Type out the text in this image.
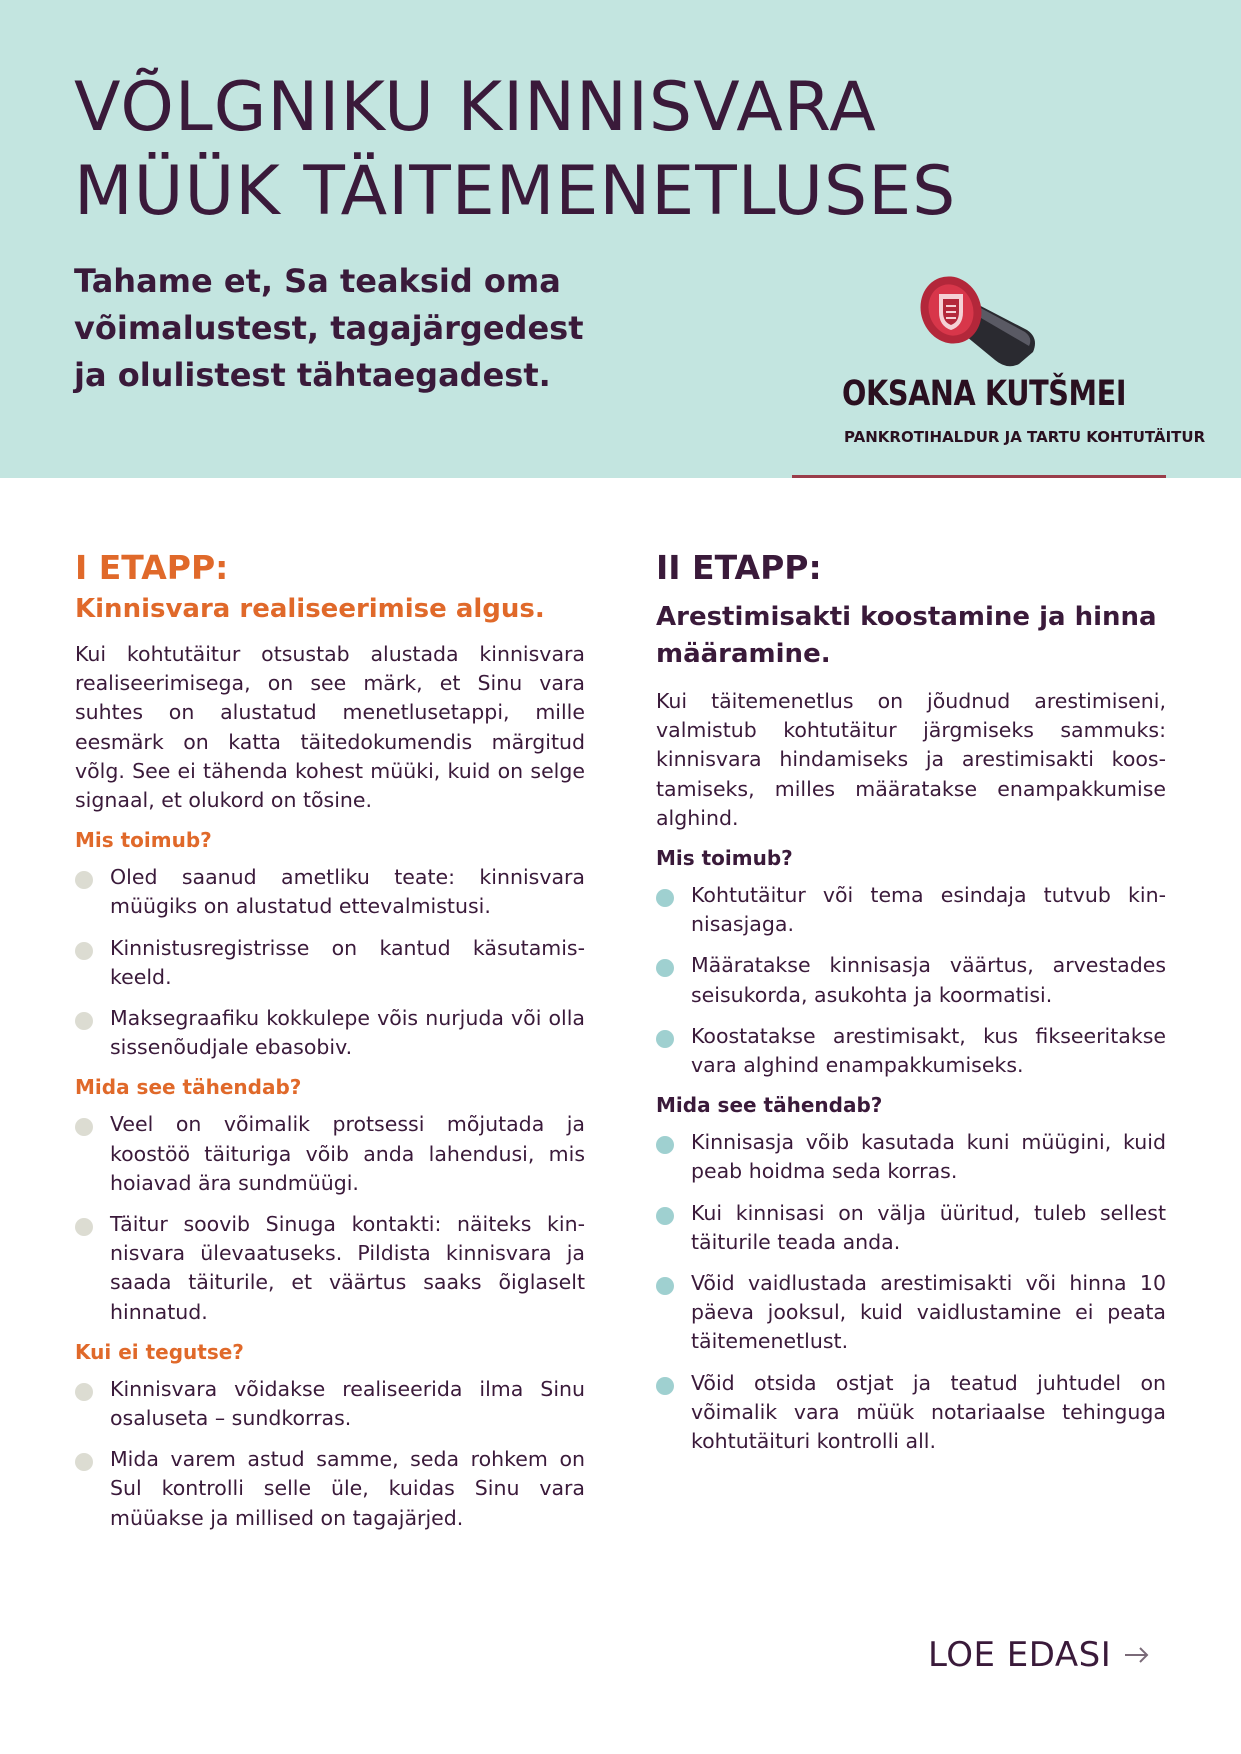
VÕLGNIKU KINNISVARA
MÜÜK TÄITEMENETLUSES
Tahame et, Sa teaksid oma
võimalustest, tagajärgedest
ja olulistest tähtaegadest.	OKSANA KUTŠMEI
PANKROTIHALDUR JA TARTU KOHTUTÄITUR
I ETAPP:
Kinnisvara realiseerimise algus.

Kui kohtutäitur otsustab alustada kinnisvara realiseerimisega, on see märk, et Sinu vara suhtes on alustatud menetlusetappi, mille eesmärk on katta täitedokumendis märgitud võlg. See ei tähenda kohest müüki, kuid on selge signaal, et olukord on tõsine.

Mis toimub?
Oled saanud ametliku teate: kinnisvara müügiks on alustatud ettevalmistusi.
Kinnistusregistrisse on kantud käsutamis-keeld.
Maksegraafiku kokkulepe võis nurjuda või olla sissenõudjale ebasobiv.
Mida see tähendab?
Veel on võimalik protsessi mõjutada ja koostöö täituriga võib anda lahendusi, mis hoiavad ära sundmüügi.
Täitur soovib Sinuga kontakti: näiteks kin-nisvara ülevaatuseks. Pildista kinnisvara ja saada täiturile, et väärtus saaks õiglaselt hinnatud.
Kui ei tegutse?
Kinnisvara võidakse realiseerida ilma Sinu osaluseta – sundkorras.
Mida varem astud samme, seda rohkem on Sul kontrolli selle üle, kuidas Sinu vara müüakse ja millised on tagajärjed.
II ETAPP:
Arestimisakti koostamine ja hinna määramine.

Kui täitemenetlus on jõudnud arestimiseni, valmistub kohtutäitur järgmiseks sammuks: kinnisvara hindamiseks ja arestimisakti koos-tamiseks, milles määratakse enampakkumise alghind.

Mis toimub?
Kohtutäitur või tema esindaja tutvub kin-nisasjaga.
Määratakse kinnisasja väärtus, arvestades seisukorda, asukohta ja koormatisi.
Koostatakse arestimisakt, kus fikseeritakse vara alghind enampakkumiseks.
Mida see tähendab?
Kinnisasja võib kasutada kuni müügini, kuid peab hoidma seda korras.
Kui kinnisasi on välja üüritud, tuleb sellest täiturile teada anda.
Võid vaidlustada arestimisakti või hinna 10 päeva jooksul, kuid vaidlustamine ei peata täitemenetlust.
Võid otsida ostjat ja teatud juhtudel on võimalik vara müük notariaalse tehinguga kohtutäituri kontrolli all.
LOE EDASI
